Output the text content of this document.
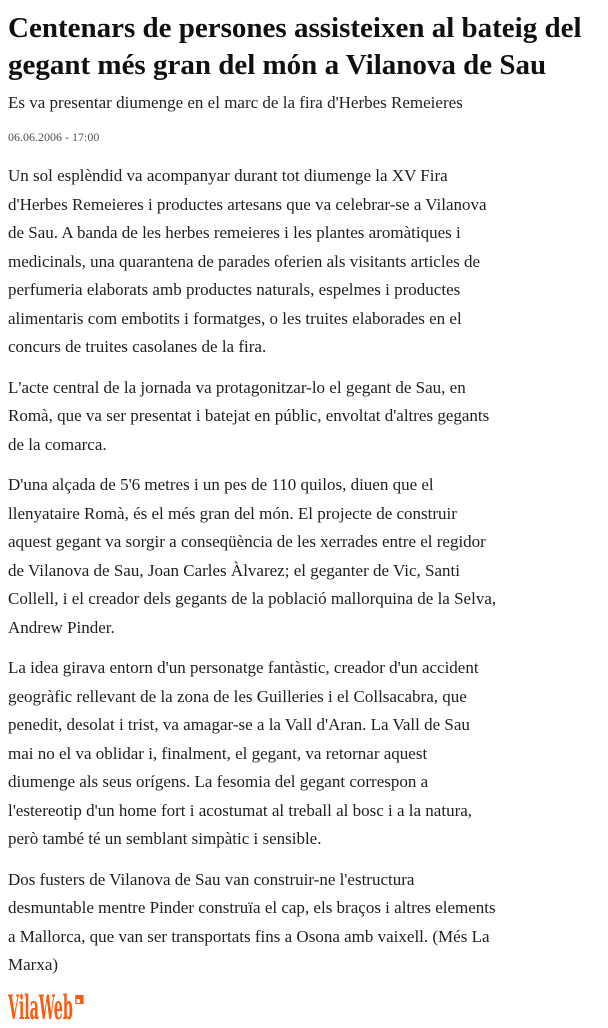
Centenars de persones assisteixen al bateig del gegant més gran del món a Vilanova de Sau

Es va presentar diumenge en el marc de la fira d'Herbes Remeieres

06.06.2006 - 17:00

Un sol esplèndid va acompanyar durant tot diumenge la XV Fira d'Herbes Remeieres i productes artesans que va celebrar-se a Vilanova de Sau. A banda de les herbes remeieres i les plantes aromàtiques i medicinals, una quarantena de parades oferien als visitants articles de perfumeria elaborats amb productes naturals, espelmes i productes alimentaris com embotits i formatges, o les truites elaborades en el concurs de truites casolanes de la fira.

L'acte central de la jornada va protagonitzar-lo el gegant de Sau, en Romà, que va ser presentat i batejat en públic, envoltat d'altres gegants de la comarca.

D'una alçada de 5'6 metres i un pes de 110 quilos, diuen que el llenyataire Romà, és el més gran del món. El projecte de construir aquest gegant va sorgir a conseqüència de les xerrades entre el regidor de Vilanova de Sau, Joan Carles Àlvarez; el geganter de Vic, Santi Collell, i el creador dels gegants de la població mallorquina de la Selva, Andrew Pinder.

La idea girava entorn d'un personatge fantàstic, creador d'un accident geogràfic rellevant de la zona de les Guilleries i el Collsacabra, que penedit, desolat i trist, va amagar-se a la Vall d'Aran. La Vall de Sau mai no el va oblidar i, finalment, el gegant, va retornar aquest diumenge als seus orígens. La fesomia del gegant correspon a l'estereotip d'un home fort i acostumat al treball al bosc i a la natura, però també té un semblant simpàtic i sensible.

Dos fusters de Vilanova de Sau van construir-ne l'estructura desmuntable mentre Pinder construïa el cap, els braços i altres elements a Mallorca, que van ser transportats fins a Osona amb vaixell. (Més La Marxa)

VilaWeb
